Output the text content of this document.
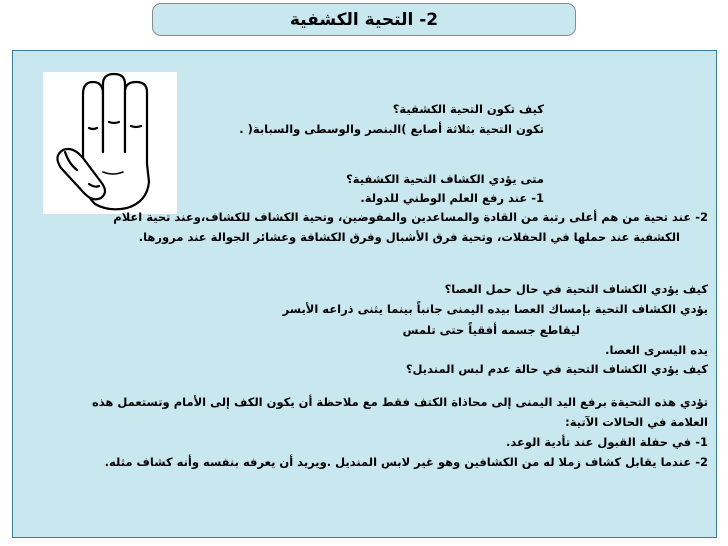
2- التحية الكشفية
كيف تكون التحية الكشفية؟
تكون التحية بثلاثة أصابع )البنصر والوسطى والسبابة( .
متى يؤدي الكشاف التحية الكشفية؟
1- عند رفع العلم الوطني للدولة.
2- عند تحية من هم أعلى رتبة من القادة والمساعدين والمفوضين، وتحية الكشاف للكشاف،وعند تحية اعلام
الكشفية عند حملها في الحفلات، وتحية فرق الأشبال وفرق الكشافة وعشائر الجوالة عند مرورها.
كيف يؤدي الكشاف التحية في حال حمل العصا؟
يؤدي الكشاف التحية بإمساك العصا بيده اليمنى جانباً بينما يثنى ذراعه الأيسر
ليقاطع جسمه أفقياً حتى تلمس
يده اليسرى العصا.
كيف يؤدي الكشاف التحية في حالة عدم لبس المنديل؟
تؤدي هذه التحيةة برفع اليد اليمنى إلى محاذاة الكتف فقط مع ملاحظة أن يكون الكف إلى الأمام وتستعمل هذه
العلامة في الحالات الآتية:
1- في حفلة القبول عند تأدية الوعد.
2- عندما يقابل كشاف زملا له من الكشافين وهو غير لابس المنديل .ويريد أن يعرفه بنفسه وأنه كشاف مثله.
